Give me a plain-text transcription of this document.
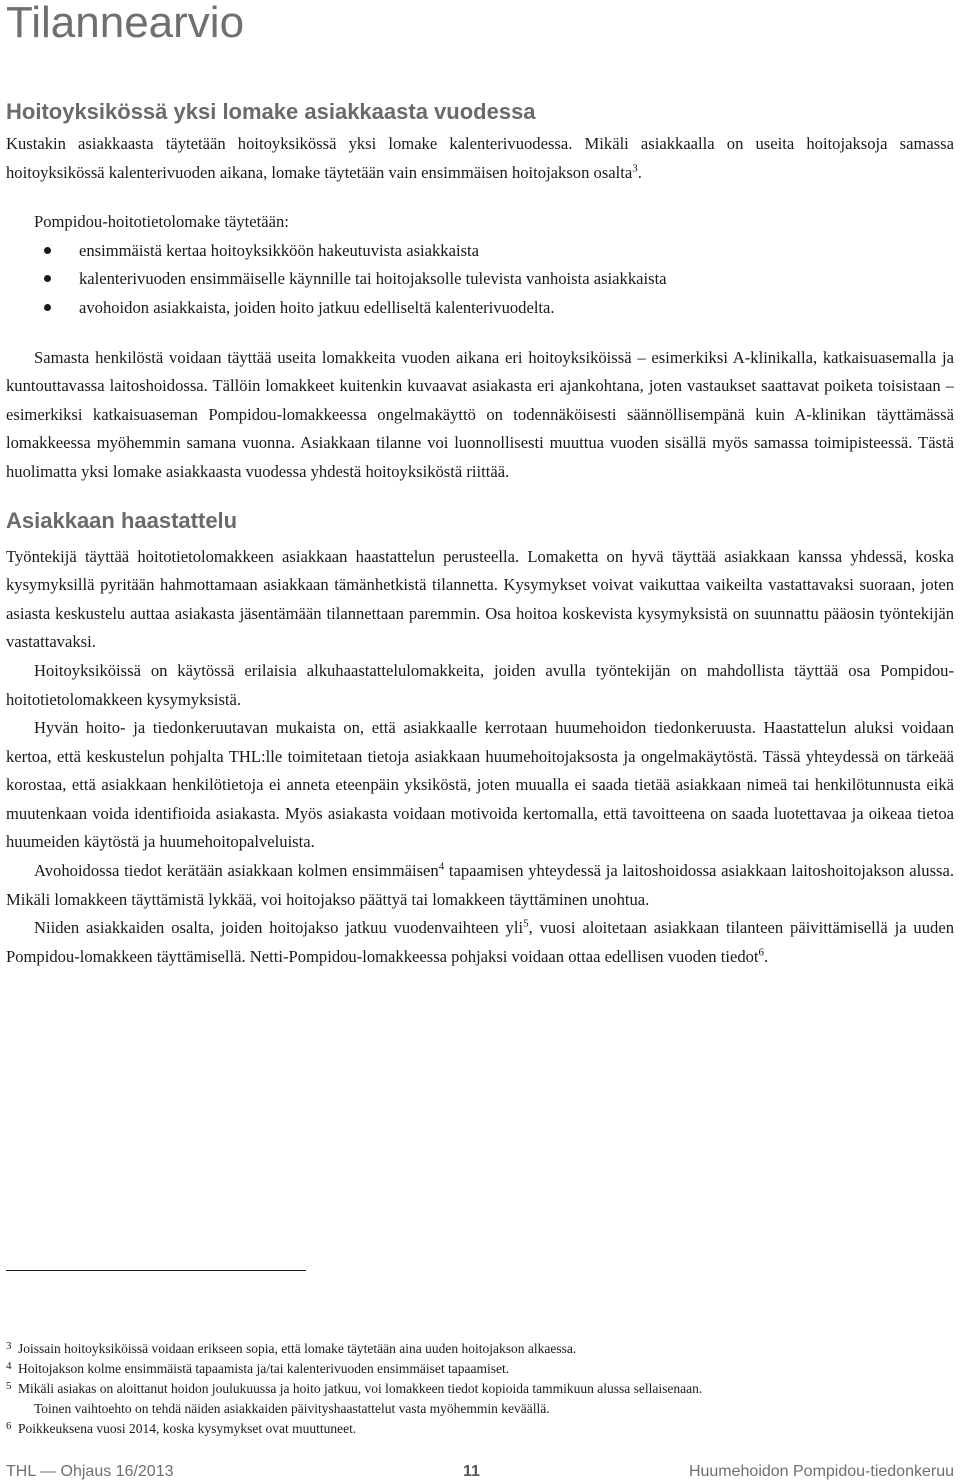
Tilannearvio
Hoitoyksikössä yksi lomake asiakkaasta vuodessa

Kustakin asiakkaasta täytetään hoitoyksikössä yksi lomake kalenterivuodessa. Mikäli asiakkaalla on useita hoitojaksoja samassa hoitoyksikössä kalenterivuoden aikana, lomake täytetään vain ensimmäisen hoitojakson osalta$^3$.

Pompidou-hoitotietolomake täytetään:

ensimmäistä kertaa hoitoyksikköön hakeutuvista asiakkaista
kalenterivuoden ensimmäiselle käynnille tai hoitojaksolle tulevista vanhoista asiakkaista
avohoidon asiakkaista, joiden hoito jatkuu edelliseltä kalenterivuodelta.

Samasta henkilöstä voidaan täyttää useita lomakkeita vuoden aikana eri hoitoyksiköissä – esimerkiksi A-klinikalla, katkaisuasemalla ja kuntouttavassa laitoshoidossa. Tällöin lomakkeet kuitenkin kuvaavat asiakasta eri ajankohtana, joten vastaukset saattavat poiketa toisistaan – esimerkiksi katkaisuaseman Pompidou-lomakkeessa ongelmakäyttö on todennäköisesti säännöllisempänä kuin A-klinikan täyttämässä lomakkeessa myöhemmin samana vuonna. Asiakkaan tilanne voi luonnollisesti muuttua vuoden sisällä myös samassa toimipisteessä. Tästä huolimatta yksi lomake asiakkaasta vuodessa yhdestä hoitoyksiköstä riittää.

Asiakkaan haastattelu

Työntekijä täyttää hoitotietolomakkeen asiakkaan haastattelun perusteella. Lomaketta on hyvä täyttää asiakkaan kanssa yhdessä, koska kysymyksillä pyritään hahmottamaan asiakkaan tämänhetkistä tilannetta. Kysymykset voivat vaikuttaa vaikeilta vastattavaksi suoraan, joten asiasta keskustelu auttaa asiakasta jäsentämään tilannettaan paremmin. Osa hoitoa koskevista kysymyksistä on suunnattu pääosin työntekijän vastattavaksi.

Hoitoyksiköissä on käytössä erilaisia alkuhaastattelulomakkeita, joiden avulla työntekijän on mahdollista täyttää osa Pompidou-hoitotietolomakkeen kysymyksistä.

Hyvän hoito- ja tiedonkeruutavan mukaista on, että asiakkaalle kerrotaan huumehoidon tiedonkeruusta. Haastattelun aluksi voidaan kertoa, että keskustelun pohjalta THL:lle toimitetaan tietoja asiakkaan huumehoitojaksosta ja ongelmakäytöstä. Tässä yhteydessä on tärkeää korostaa, että asiakkaan henkilötietoja ei anneta eteenpäin yksiköstä, joten muualla ei saada tietää asiakkaan nimeä tai henkilötunnusta eikä muutenkaan voida identifioida asiakasta. Myös asiakasta voidaan motivoida kertomalla, että tavoitteena on saada luotettavaa ja oikeaa tietoa huumeiden käytöstä ja huumehoitopalveluista.

Avohoidossa tiedot kerätään asiakkaan kolmen ensimmäisen$^4$ tapaamisen yhteydessä ja laitoshoidossa asiakkaan laitoshoitojakson alussa. Mikäli lomakkeen täyttämistä lykkää, voi hoitojakso päättyä tai lomakkeen täyttäminen unohtua.

Niiden asiakkaiden osalta, joiden hoitojakso jatkuu vuodenvaihteen yli$^5$, vuosi aloitetaan asiakkaan tilanteen päivittämisellä ja uuden Pompidou-lomakkeen täyttämisellä. Netti-Pompidou-lomakkeessa pohjaksi voidaan ottaa edellisen vuoden tiedot$^6$.

3 Joissain hoitoyksiköissä voidaan erikseen sopia, että lomake täytetään aina uuden hoitojakson alkaessa.
4 Hoitojakson kolme ensimmäistä tapaamista ja/tai kalenterivuoden ensimmäiset tapaamiset.
5 Mikäli asiakas on aloittanut hoidon joulukuussa ja hoito jatkuu, voi lomakkeen tiedot kopioida tammikuun alussa sellaisenaan.
Toinen vaihtoehto on tehdä näiden asiakkaiden päivityshaastattelut vasta myöhemmin keväällä.
6 Poikkeuksena vuosi 2014, koska kysymykset ovat muuttuneet.
THL — Ohjaus 16/2013	11	Huumehoidon Pompidou-tiedonkeruu
